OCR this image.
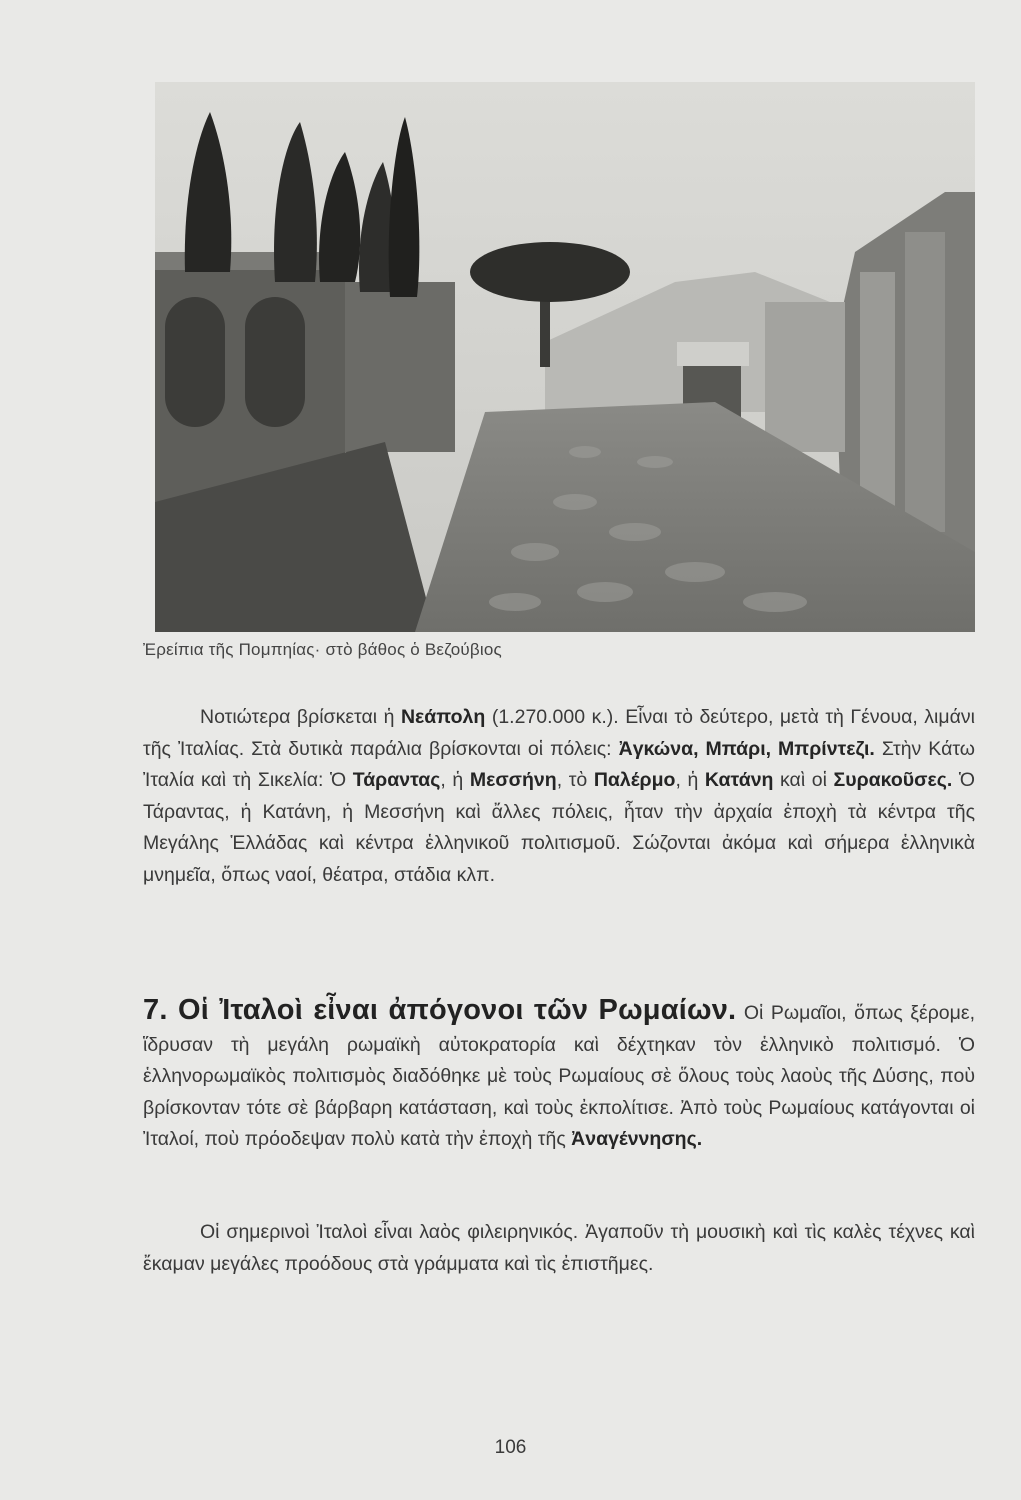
Ἐρείπια τῆς Πομπηίας· στὸ βάθος ὁ Βεζούβιος
Νοτιώτερα βρίσκεται ἡ Νεάπολη (1.270.000 κ.). Εἶναι τὸ δεύτερο, μετὰ τὴ Γένουα, λιμάνι τῆς Ἰταλίας. Στὰ δυτικὰ παράλια βρίσκονται οἱ πόλεις: Ἀγκώνα, Μπάρι, Μπρίντεζι. Στὴν Κάτω Ἰταλία καὶ τὴ Σικελία: Ὁ Τάραντας, ἡ Μεσσήνη, τὸ Παλέρμο, ἡ Κατάνη καὶ οἱ Συρακοῦσες. Ὁ Τάραντας, ἡ Κατάνη, ἡ Μεσσήνη καὶ ἄλλες πόλεις, ἦταν τὴν ἀρχαία ἐποχὴ τὰ κέντρα τῆς Μεγάλης Ἑλλάδας καὶ κέντρα ἑλληνικοῦ πολιτισμοῦ. Σώζονται ἀκόμα καὶ σήμερα ἑλληνικὰ μνημεῖα, ὅπως ναοί, θέατρα, στάδια κλπ.
7. Οἱ Ἰταλοὶ εἶναι ἀπόγονοι τῶν Ρωμαίων. Οἱ Ρωμαῖοι, ὅπως ξέρομε, ἵδρυσαν τὴ μεγάλη ρωμαϊκὴ αὐτοκρατορία καὶ δέχτηκαν τὸν ἑλληνικὸ πολιτισμό. Ὁ ἑλληνορωμαϊκὸς πολιτισμὸς διαδόθηκε μὲ τοὺς Ρωμαίους σὲ ὅλους τοὺς λαοὺς τῆς Δύσης, ποὺ βρίσκονταν τότε σὲ βάρβαρη κατάσταση, καὶ τοὺς ἐκπολίτισε. Ἀπὸ τοὺς Ρωμαίους κατάγονται οἱ Ἰταλοί, ποὺ πρόοδεψαν πολὺ κατὰ τὴν ἐποχὴ τῆς Ἀναγέννησης.
Οἱ σημερινοὶ Ἰταλοὶ εἶναι λαὸς φιλειρηνικός. Ἀγαποῦν τὴ μουσικὴ καὶ τὶς καλὲς τέχνες καὶ ἔκαμαν μεγάλες προόδους στὰ γράμματα καὶ τὶς ἐπιστῆμες.
106
